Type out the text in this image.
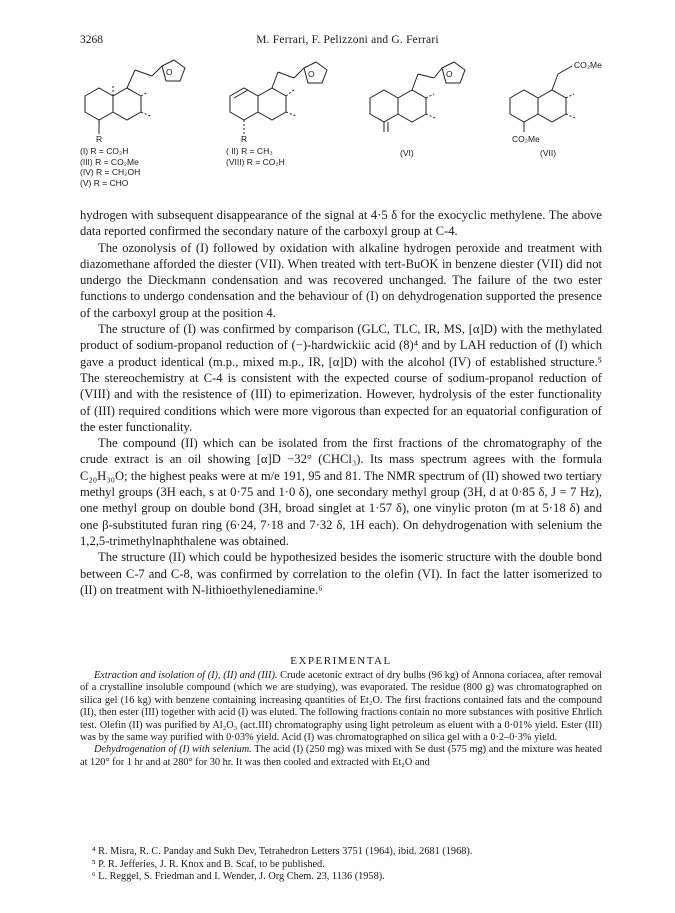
3268	M. Ferrari, F. Pelizzoni and G. Ferrari
O	O	O
R
(I) R = CO₂H
(III) R = CO₂Me
(IV) R = CH₂OH
(V) R = CHO
R
( II) R = CH₃
(VIII) R = CO₂H
(VI)
CO₂Me
CO₂Me
(VII)

hydrogen with subsequent disappearance of the signal at 4·5 δ for the exocyclic methylene. The above data reported confirmed the secondary nature of the carboxyl group at C-4.

The ozonolysis of (I) followed by oxidation with alkaline hydrogen peroxide and treatment with diazomethane afforded the diester (VII). When treated with tert-BuOK in benzene diester (VII) did not undergo the Dieckmann condensation and was recovered unchanged. The failure of the two ester functions to undergo condensation and the behaviour of (I) on dehydrogenation supported the presence of the carboxyl group at the position 4.

The structure of (I) was confirmed by comparison (GLC, TLC, IR, MS, [α]D) with the methylated product of sodium-propanol reduction of (−)-hardwickiic acid (8)⁴ and by LAH reduction of (I) which gave a product identical (m.p., mixed m.p., IR, [α]D) with the alcohol (IV) of established structure.⁵ The stereochemistry at C-4 is consistent with the expected course of sodium-propanol reduction of (VIII) and with the resistence of (III) to epimerization. However, hydrolysis of the ester functionality of (III) required conditions which were more vigorous than expected for an equatorial configuration of the ester functionality.

The compound (II) which can be isolated from the first fractions of the chromatography of the crude extract is an oil showing [α]D −32° (CHCl₃). Its mass spectrum agrees with the formula C₂₀H₃₀O; the highest peaks were at m/e 191, 95 and 81. The NMR spectrum of (II) showed two tertiary methyl groups (3H each, s at 0·75 and 1·0 δ), one secondary methyl group (3H, d at 0·85 δ, J = 7 Hz), one methyl group on double bond (3H, broad singlet at 1·57 δ), one vinylic proton (m at 5·18 δ) and one β-substituted furan ring (6·24, 7·18 and 7·32 δ, 1H each). On dehydrogenation with selenium the 1,2,5-trimethylnaphthalene was obtained.

The structure (II) which could be hypothesized besides the isomeric structure with the double bond between C-7 and C-8, was confirmed by correlation to the olefin (VI). In fact the latter isomerized to (II) on treatment with N-lithioethylenediamine.⁶

EXPERIMENTAL

Extraction and isolation of (I), (II) and (III). Crude acetonic extract of dry bulbs (96 kg) of Annona coriacea, after removal of a crystalline insoluble compound (which we are studying), was evaporated. The residue (800 g) was chromatographed on silica gel (16 kg) with benzene containing increasing quantities of Et₂O. The first fractions contained fats and the compound (II), then ester (III) together with acid (I) was eluted. The following fractions contain no more substances with positive Ehrlich test. Olefin (II) was purified by Al₂O₃ (act.III) chromatography using light petroleum as eluent with a 0·01% yield. Ester (III) was by the same way purified with 0·03% yield. Acid (I) was chromatographed on silica gel with a 0·2–0·3% yield.

Dehydrogenation of (I) with selenium. The acid (I) (250 mg) was mixed with Se dust (575 mg) and the mixture was heated at 120° for 1 hr and at 280° for 30 hr. It was then cooled and extracted with Et₂O and

⁴ R. Misra, R. C. Panday and Sukh Dev, Tetrahedron Letters 3751 (1964), ibid. 2681 (1968).
⁵ P. R. Jefferies, J. R. Knox and B. Scaf, to be published.
⁶ L. Reggel, S. Friedman and I. Wender, J. Org Chem. 23, 1136 (1958).
